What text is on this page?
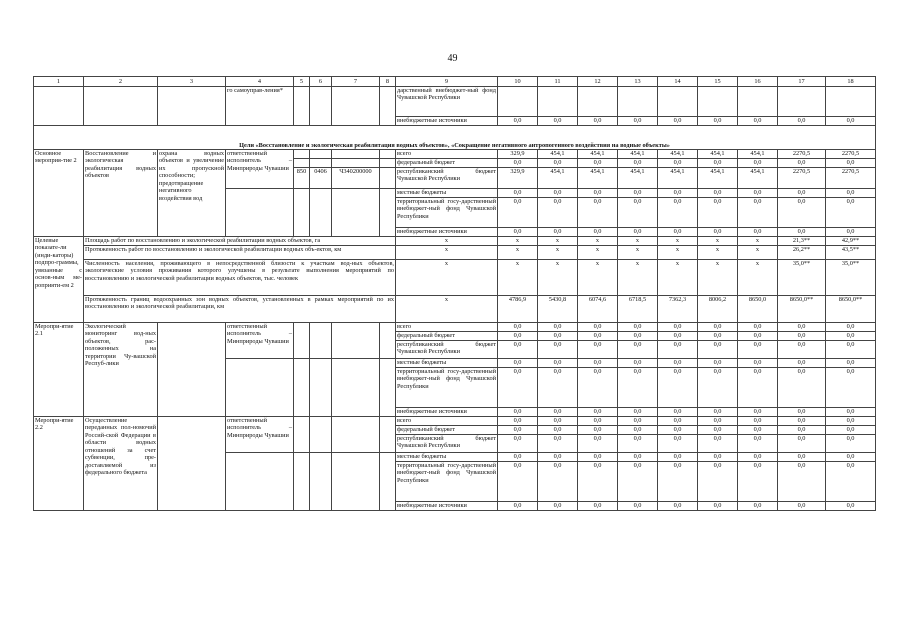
49
1	2	3	4	5	6	7	8	9	10	11	12	13	14	15	16	17	18
			го самоуправ-ления*					дарственный внебюджет-ный фонд Чувашской Республики									
								внебюджетные источники	0,0	0,0	0,0	0,0	0,0	0,0	0,0	0,0	0,0
Цели «Восстановление и экологическая реабилитация водных объектов», «Сокращение негативного антропогенного воздействия на водные объекты»																	
Основное мероприя-тие 2	Восстановление и экологическая реабилитация водных объектов	охрана водных объектов и увеличение их пропускной способности; предотвращение негативного воздействия вод	ответственный исполнитель – Минприроды Чувашии					всего	329,9	454,1	454,1	454,1	454,1	454,1	454,1	2270,5	2270,5
								федеральный бюджет	0,0	0,0	0,0	0,0	0,0	0,0	0,0	0,0	0,0
				850	0406	Ч340200000		республиканский бюджет Чувашской Республики	329,9	454,1	454,1	454,1	454,1	454,1	454,1	2270,5	2270,5
								местные бюджеты	0,0	0,0	0,0	0,0	0,0	0,0	0,0	0,0	0,0
								территориальный госу-дарственный внебюджет-ный фонд Чувашской Республики	0,0	0,0	0,0	0,0	0,0	0,0	0,0	0,0	0,0
								внебюджетные источники	0,0	0,0	0,0	0,0	0,0	0,0	0,0	0,0	0,0
Целевые показате-ли (инди-каторы) подпро-граммы, увязанные с основ-ным ме-роприяти-ем 2	Площадь работ по восстановлению и экологической реабилитации водных объектов, га							х	х	х	х	х	х	х	х	21,3**	42,9**
	Протяженность работ по восстановлению и экологической реабилитации водных объ-ектов, км							х	х	х	х	х	х	х	х	26,2**	43,5**
	Численность населения, проживающего в непосредственной близости к участкам вод-ных объектов, экологические условия проживания которого улучшены в результате выполнения мероприятий по восстановлению и экологической реабилитации водных объектов, тыс. человек							х	х	х	х	х	х	х	х	35,0**	35,0**
	Протяженность границ водоохранных зон водных объектов, установленных в рамках мероприятий по их восстановлению и экологической реабилитации, км							х	4786,9	5430,8	6074,6	6718,5	7362,3	8006,2	8650,0	8650,0**	8650,0**
Меропри-ятие 2.1	Экологический мониторинг вод-ных объектов, рас-положенных на территории Чу-вашской Респуб-лики		ответственный исполнитель – Минприроды Чувашии					всего	0,0	0,0	0,0	0,0	0,0	0,0	0,0	0,0	0,0
								федеральный бюджет	0,0	0,0	0,0	0,0	0,0	0,0	0,0	0,0	0,0
								республиканский бюджет Чувашской Республики	0,0	0,0	0,0	0,0	0,0	0,0	0,0	0,0	0,0
								местные бюджеты	0,0	0,0	0,0	0,0	0,0	0,0	0,0	0,0	0,0
								территориальный госу-дарственный внебюджет-ный фонд Чувашской Республики	0,0	0,0	0,0	0,0	0,0	0,0	0,0	0,0	0,0
								внебюджетные источники	0,0	0,0	0,0	0,0	0,0	0,0	0,0	0,0	0,0
Меропри-ятие 2.2	Осуществление переданных пол-номочий Россий-ской Федерации в области водных отношений за счет субвенции, пре-доставляемой из федерального бюджета		ответственный исполнитель – Минприроды Чувашии					всего	0,0	0,0	0,0	0,0	0,0	0,0	0,0	0,0	0,0
								федеральный бюджет	0,0	0,0	0,0	0,0	0,0	0,0	0,0	0,0	0,0
								республиканский бюджет Чувашской Республики	0,0	0,0	0,0	0,0	0,0	0,0	0,0	0,0	0,0
								местные бюджеты	0,0	0,0	0,0	0,0	0,0	0,0	0,0	0,0	0,0
								территориальный госу-дарственный внебюджет-ный фонд Чувашской Республики	0,0	0,0	0,0	0,0	0,0	0,0	0,0	0,0	0,0
								внебюджетные источники	0,0	0,0	0,0	0,0	0,0	0,0	0,0	0,0	0,0
